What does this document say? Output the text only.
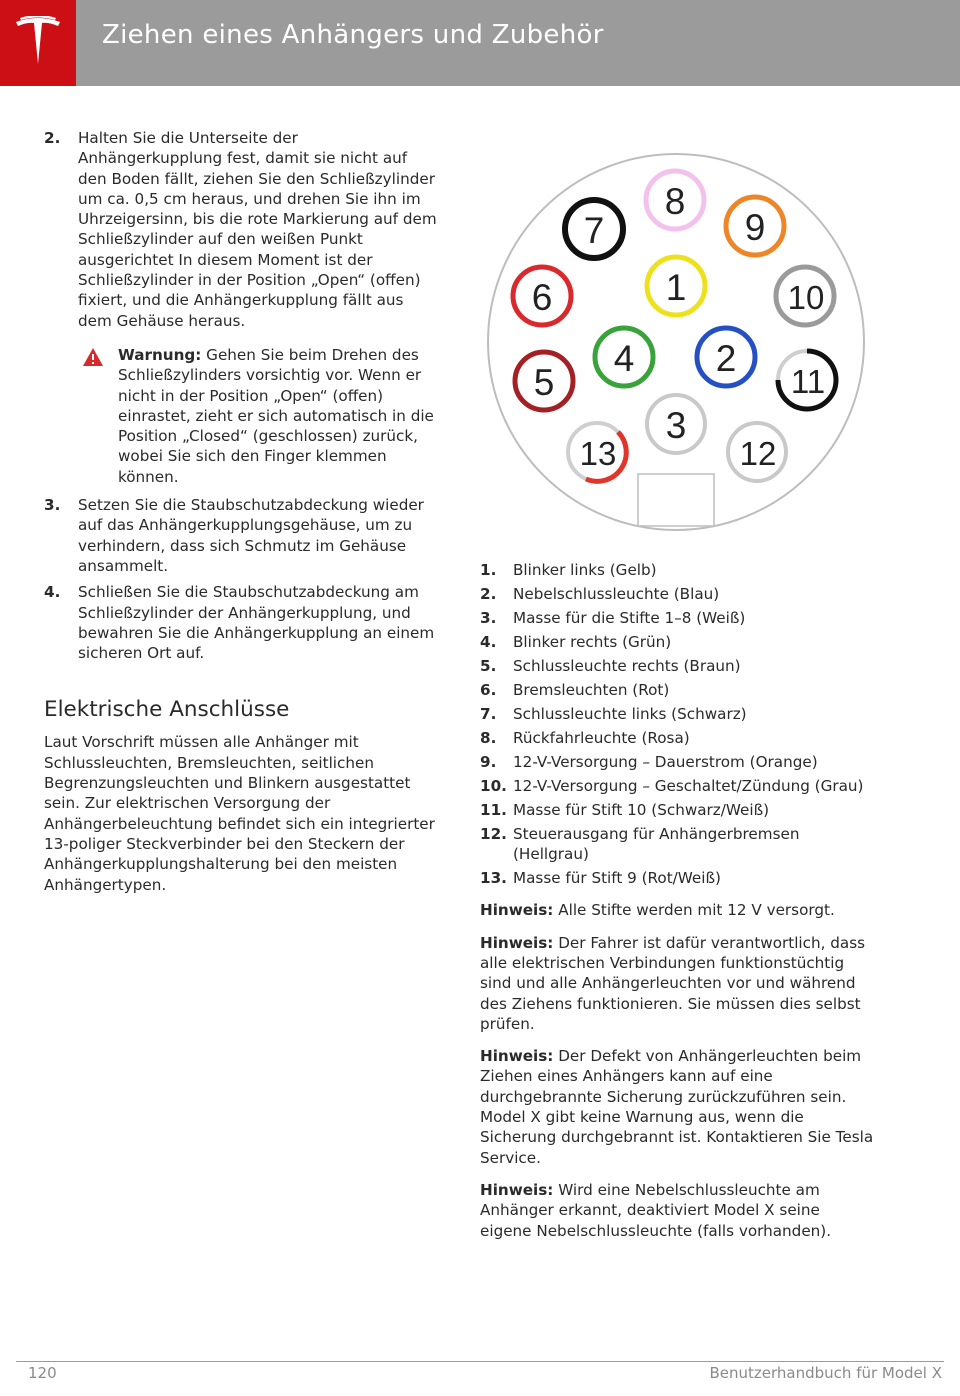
Ziehen eines Anhängers und Zubehör
2. Halten Sie die Unterseite der Anhängerkupplung fest, damit sie nicht auf den Boden fällt, ziehen Sie den Schließzylinder um ca. 0,5 cm heraus, und drehen Sie ihn im Uhrzeigersinn, bis die rote Markierung auf dem Schließzylinder auf den weißen Punkt ausgerichtet In diesem Moment ist der Schließzylinder in der Position „Open“ (offen) fixiert, und die Anhängerkupplung fällt aus dem Gehäuse heraus.
Warnung: Gehen Sie beim Drehen des Schließzylinders vorsichtig vor. Wenn er nicht in der Position „Open“ (offen) einrastet, zieht er sich automatisch in die Position „Closed“ (geschlossen) zurück, wobei Sie sich den Finger klemmen können.
3. Setzen Sie die Staubschutzabdeckung wieder auf das Anhängerkupplungsgehäuse, um zu verhindern, dass sich Schmutz im Gehäuse ansammelt.
4. Schließen Sie die Staubschutzabdeckung am Schließzylinder der Anhängerkupplung, und bewahren Sie die Anhängerkupplung an einem sicheren Ort auf.
Elektrische Anschlüsse

Laut Vorschrift müssen alle Anhänger mit Schlussleuchten, Bremsleuchten, seitlichen Begrenzungsleuchten und Blinkern ausgestattet sein. Zur elektrischen Versorgung der Anhängerbeleuchtung befindet sich ein integrierter 13-poliger Steckverbinder bei den Steckern der Anhängerkupplungshalterung bei den meisten Anhängertypen.

1
2
3
4
5
6
7
8
9
10
11
12
13
1. Blinker links (Gelb)
2. Nebelschlussleuchte (Blau)
3. Masse für die Stifte 1–8 (Weiß)
4. Blinker rechts (Grün)
5. Schlussleuchte rechts (Braun)
6. Bremsleuchten (Rot)
7. Schlussleuchte links (Schwarz)
8. Rückfahrleuchte (Rosa)
9. 12-V-Versorgung – Dauerstrom (Orange)
10. 12-V-Versorgung – Geschaltet/Zündung (Grau)
11. Masse für Stift 10 (Schwarz/Weiß)
12. Steuerausgang für Anhängerbremsen (Hellgrau)
13. Masse für Stift 9 (Rot/Weiß)

Hinweis: Alle Stifte werden mit 12 V versorgt.

Hinweis: Der Fahrer ist dafür verantwortlich, dass alle elektrischen Verbindungen funktionstüchtig sind und alle Anhängerleuchten vor und während des Ziehens funktionieren. Sie müssen dies selbst prüfen.

Hinweis: Der Defekt von Anhängerleuchten beim Ziehen eines Anhängers kann auf eine durchgebrannte Sicherung zurückzuführen sein. Model X gibt keine Warnung aus, wenn die Sicherung durchgebrannt ist. Kontaktieren Sie Tesla Service.

Hinweis: Wird eine Nebelschlussleuchte am Anhänger erkannt, deaktiviert Model X seine eigene Nebelschlussleuchte (falls vorhanden).

120	Benutzerhandbuch für Model X
